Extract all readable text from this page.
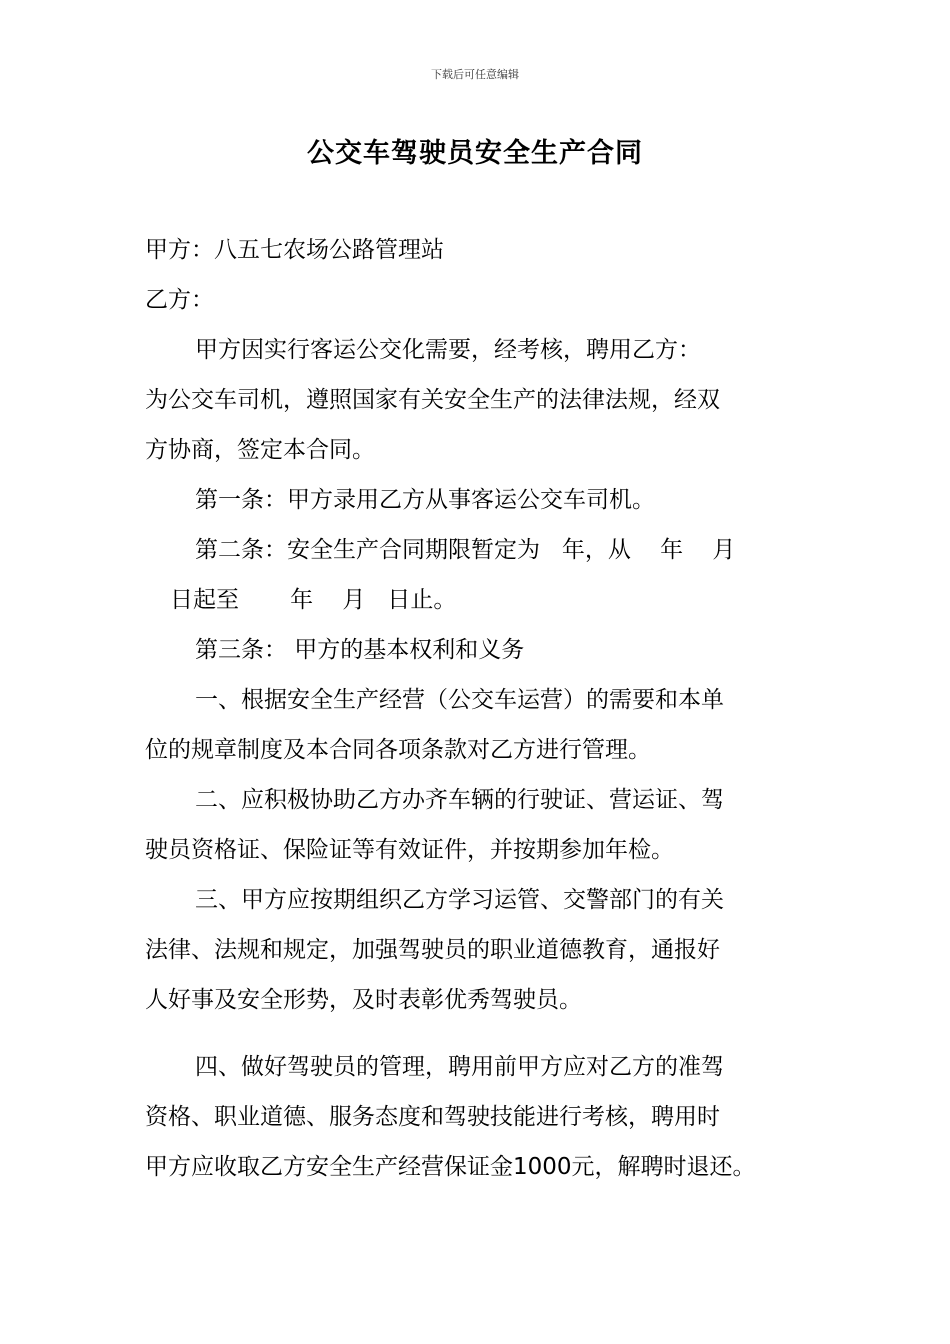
下载后可任意编辑
公交车驾驶员安全生产合同
甲方：八五七农场公路管理站
乙方：
甲方因实行客运公交化需要，经考核，聘用乙方：
为公交车司机，遵照国家有关安全生产的法律法规，经双
方协商，签定本合同。
第一条：甲方录用乙方从事客运公交车司机。
第二条：安全生产合同期限暂定为   年，从    年    月
日起至       年    月   日止。
第三条： 甲方的基本权利和义务
一、根据安全生产经营（公交车运营）的需要和本单
位的规章制度及本合同各项条款对乙方进行管理。
二、应积极协助乙方办齐车辆的行驶证、营运证、驾
驶员资格证、保险证等有效证件，并按期参加年检。
三、甲方应按期组织乙方学习运管、交警部门的有关
法律、法规和规定，加强驾驶员的职业道德教育，通报好
人好事及安全形势，及时表彰优秀驾驶员。
四、做好驾驶员的管理，聘用前甲方应对乙方的准驾
资格、职业道德、服务态度和驾驶技能进行考核，聘用时
甲方应收取乙方安全生产经营保证金1000元，解聘时退还。
